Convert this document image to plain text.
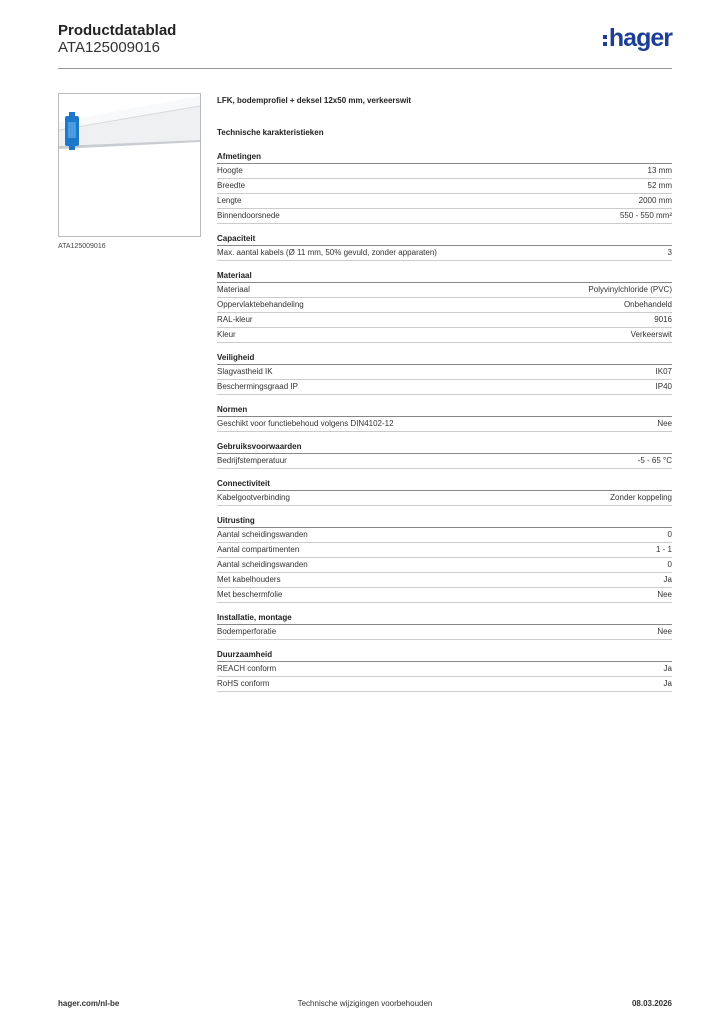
Productdatablad
ATA125009016	hager
ATA125009016
LFK, bodemprofiel + deksel 12x50 mm, verkeerswit
Technische karakteristieken
Afmetingen
Hoogte	13 mm
Breedte	52 mm
Lengte	2000 mm
Binnendoorsnede	550 - 550 mm²
Capaciteit
Max. aantal kabels (Ø 11 mm, 50% gevuld, zonder apparaten)	3
Materiaal
Materiaal	Polyvinylchloride (PVC)
Oppervlaktebehandeling	Onbehandeld
RAL-kleur	9016
Kleur	Verkeerswit
Veiligheid
Slagvastheid IK	IK07
Beschermingsgraad IP	IP40
Normen
Geschikt voor functiebehoud volgens DIN4102-12	Nee
Gebruiksvoorwaarden
Bedrijfstemperatuur	-5 - 65 °C
Connectiviteit
Kabelgootverbinding	Zonder koppeling
Uitrusting
Aantal scheidingswanden	0
Aantal compartimenten	1 - 1
Aantal scheidingswanden	0
Met kabelhouders	Ja
Met beschermfolie	Nee
Installatie, montage
Bodemperforatie	Nee
Duurzaamheid
REACH conform	Ja
RoHS conform	Ja
hager.com/nl-be	Technische wijzigingen voorbehouden	08.03.2026
